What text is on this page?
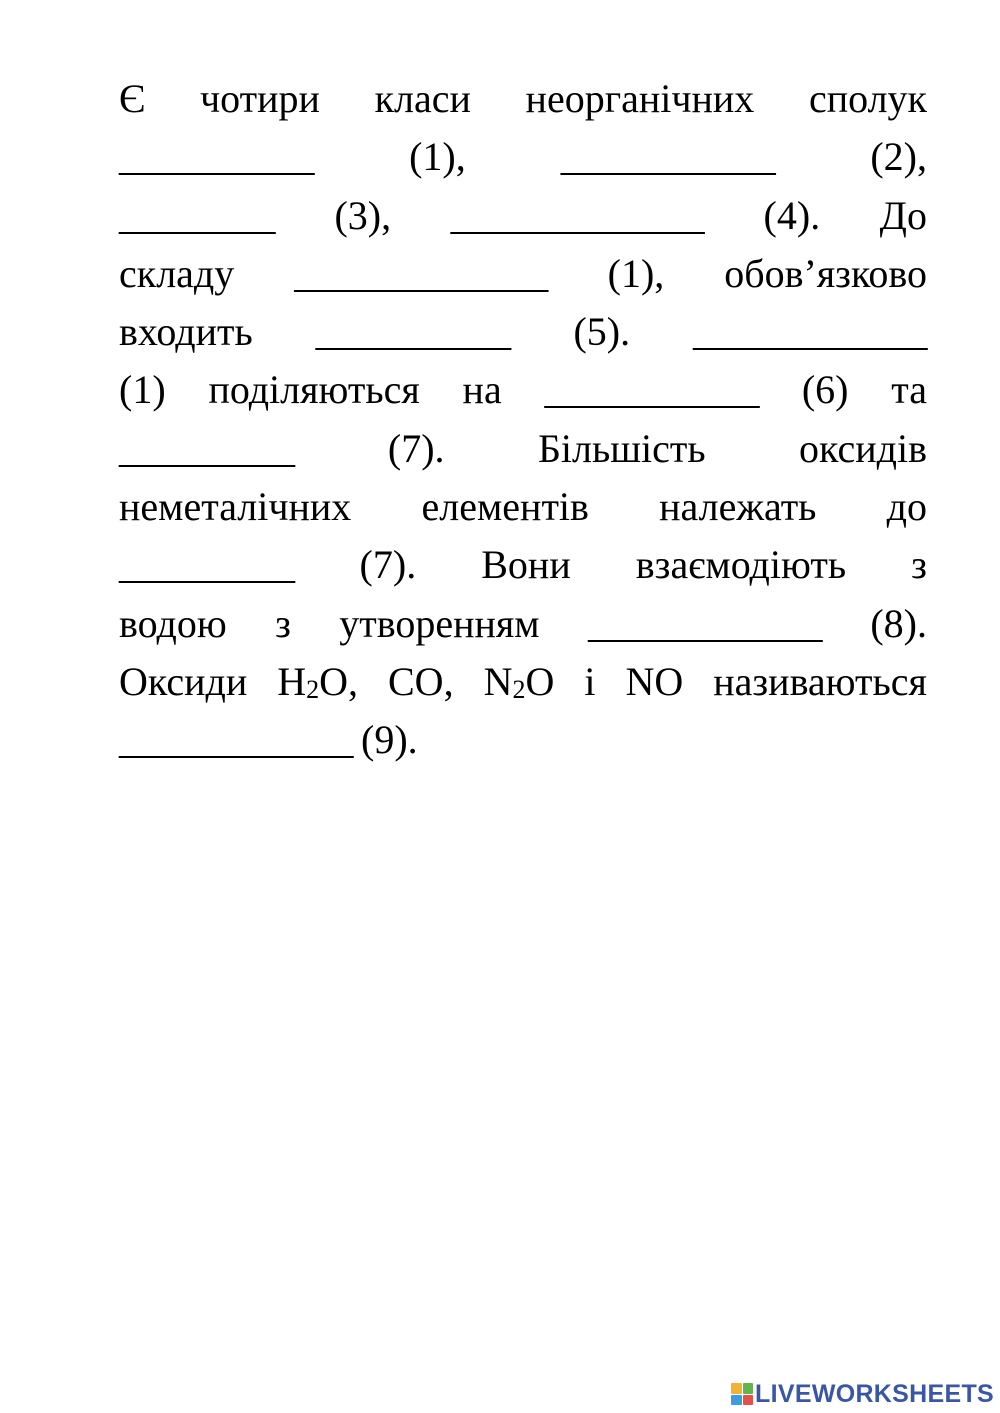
Є чотири класи неорганічних сполук
__________ (1), ___________ (2),
________ (3), _____________ (4). До
складу _____________ (1), обов’язково
входить __________ (5). ____________
(1) поділяються на ___________ (6) та
_________ (7). Більшість оксидів
неметалічних елементів належать до
_________ (7). Вони взаємодіють з
водою з утворенням ____________ (8).
Оксиди $H_2O$, CO, $N_2O$ і NO називаються
____________ (9).
LIVEWORKSHEETS
